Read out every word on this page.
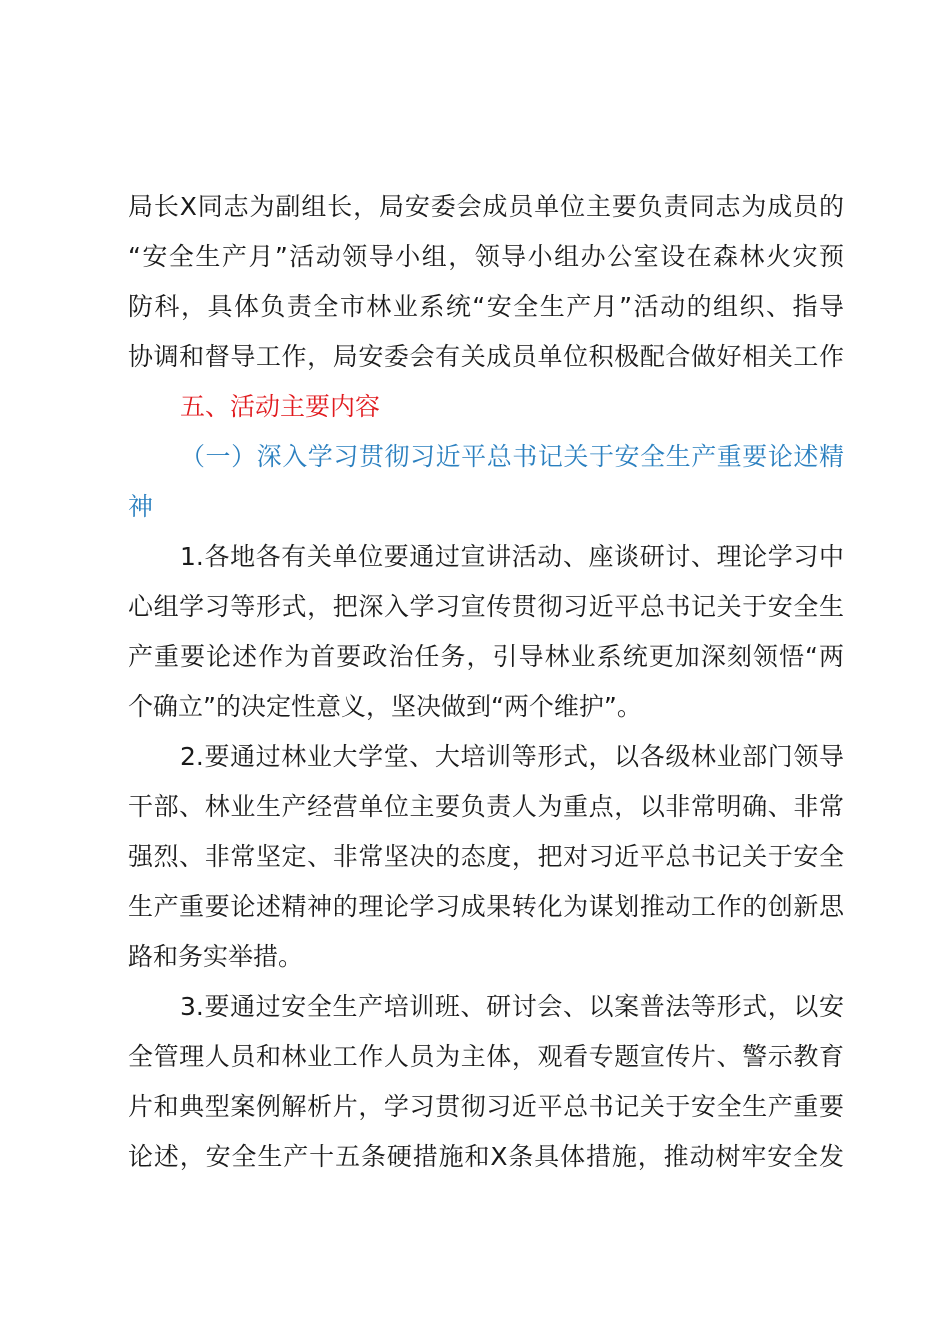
局长X同志为副组长，局安委会成员单位主要负责同志为成员的
“安全生产月”活动领导小组，领导小组办公室设在森林火灾预
防科，具体负责全市林业系统“安全生产月”活动的组织、指导
协调和督导工作，局安委会有关成员单位积极配合做好相关工作
五、活动主要内容
（一）深入学习贯彻习近平总书记关于安全生产重要论述精
神
1.各地各有关单位要通过宣讲活动、座谈研讨、理论学习中
心组学习等形式，把深入学习宣传贯彻习近平总书记关于安全生
产重要论述作为首要政治任务，引导林业系统更加深刻领悟“两
个确立”的决定性意义，坚决做到“两个维护”。
2.要通过林业大学堂、大培训等形式，以各级林业部门领导
干部、林业生产经营单位主要负责人为重点，以非常明确、非常
强烈、非常坚定、非常坚决的态度，把对习近平总书记关于安全
生产重要论述精神的理论学习成果转化为谋划推动工作的创新思
路和务实举措。
3.要通过安全生产培训班、研讨会、以案普法等形式，以安
全管理人员和林业工作人员为主体，观看专题宣传片、警示教育
片和典型案例解析片，学习贯彻习近平总书记关于安全生产重要
论述，安全生产十五条硬措施和X条具体措施，推动树牢安全发
